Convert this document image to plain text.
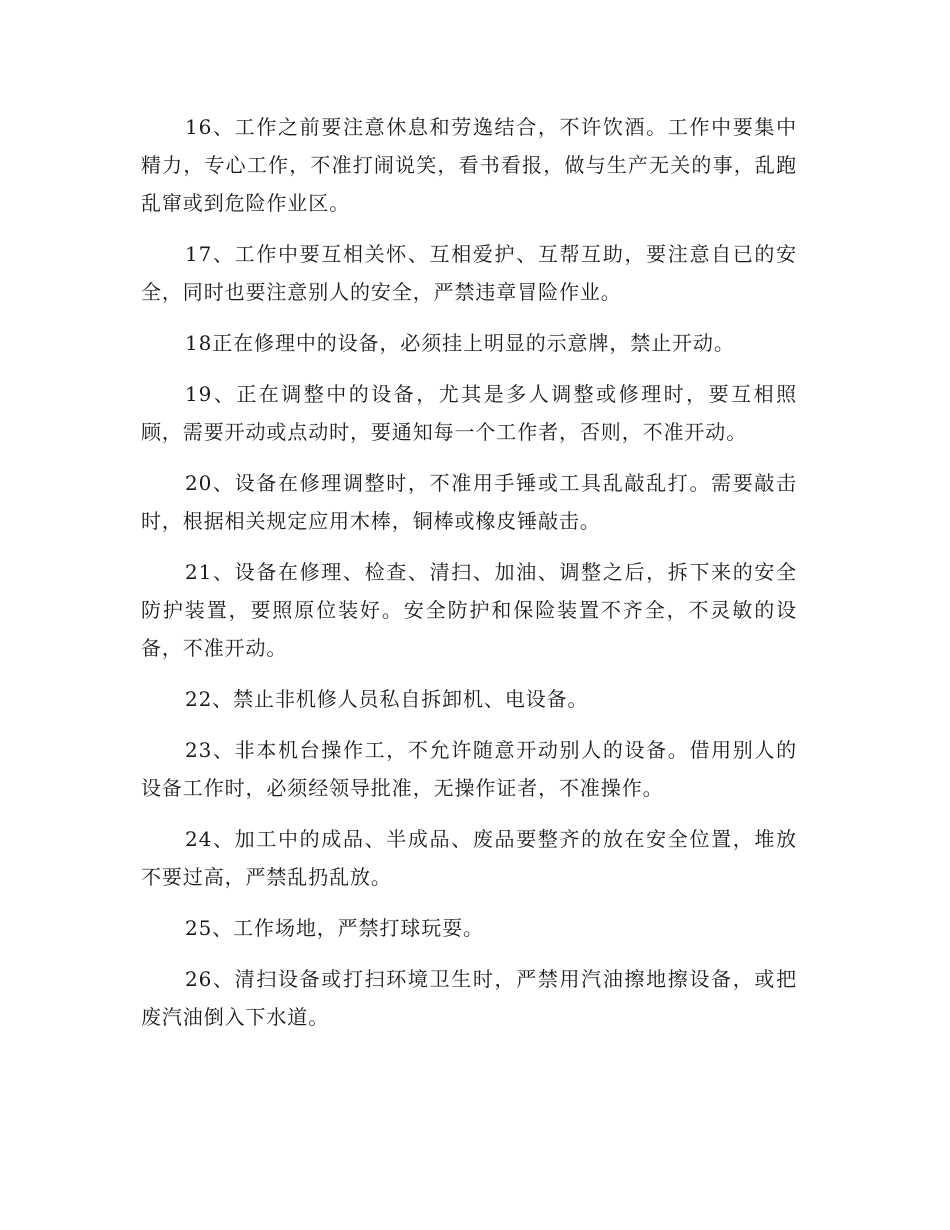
16、工作之前要注意休息和劳逸结合，不许饮酒。工作中要集中精力，专心工作，不准打闹说笑，看书看报，做与生产无关的事，乱跑乱窜或到危险作业区。

17、工作中要互相关怀、互相爱护、互帮互助，要注意自已的安全，同时也要注意别人的安全，严禁违章冒险作业。

18正在修理中的设备，必须挂上明显的示意牌，禁止开动。

19、正在调整中的设备，尤其是多人调整或修理时，要互相照顾，需要开动或点动时，要通知每一个工作者，否则，不准开动。

20、设备在修理调整时，不准用手锤或工具乱敲乱打。需要敲击时，根据相关规定应用木棒，铜棒或橡皮锤敲击。

21、设备在修理、检查、清扫、加油、调整之后，拆下来的安全防护装置，要照原位装好。安全防护和保险装置不齐全，不灵敏的设备，不准开动。

22、禁止非机修人员私自拆卸机、电设备。

23、非本机台操作工，不允许随意开动别人的设备。借用别人的设备工作时，必须经领导批准，无操作证者，不准操作。

24、加工中的成品、半成品、废品要整齐的放在安全位置，堆放不要过高，严禁乱扔乱放。

25、工作场地，严禁打球玩耍。

26、清扫设备或打扫环境卫生时，严禁用汽油擦地擦设备，或把废汽油倒入下水道。
